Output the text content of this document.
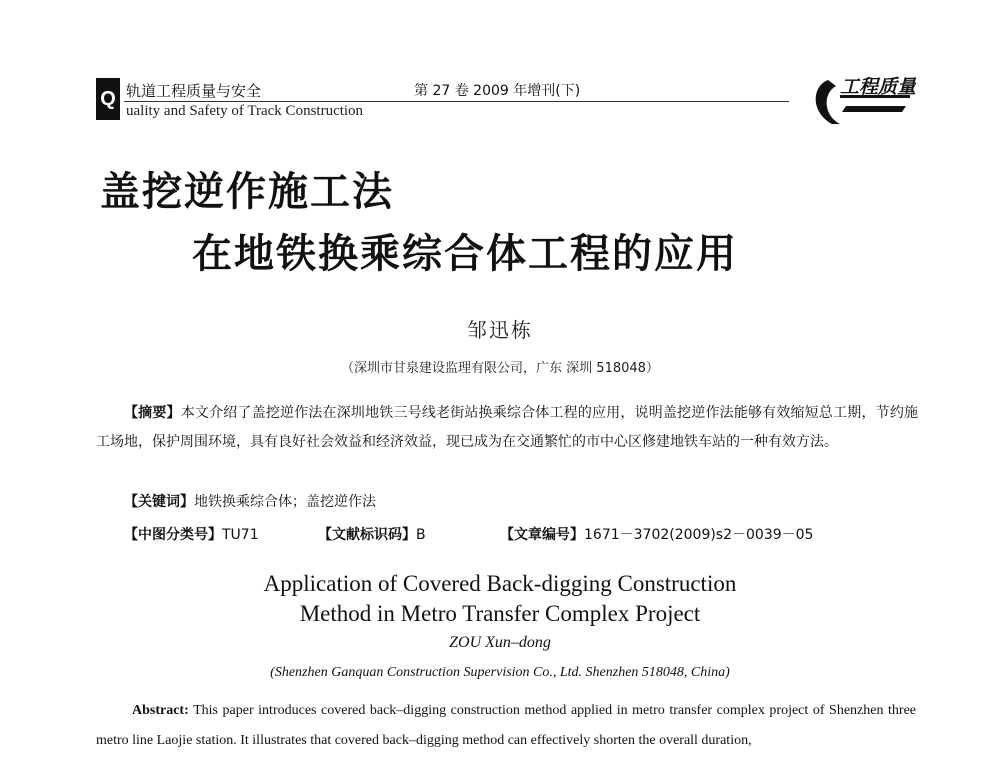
Q 轨道工程质量与安全
uality and Safety of Track Construction
第 27 卷 2009 年增刊(下)	工程质量
盖挖逆作施工法
在地铁换乘综合体工程的应用
邹迅栋
（深圳市甘泉建设监理有限公司，广东 深圳 518048）
【摘要】本文介绍了盖挖逆作法在深圳地铁三号线老街站换乘综合体工程的应用，说明盖挖逆作法能够有效缩短总工期，节约施工场地，保护周围环境，具有良好社会效益和经济效益，现已成为在交通繁忙的市中心区修建地铁车站的一种有效方法。
【关键词】地铁换乘综合体；盖挖逆作法
【中图分类号】TU71	【文献标识码】B	【文章编号】1671－3702(2009)s2－0039－05
Application of Covered Back-digging Construction
Method in Metro Transfer Complex Project
ZOU Xun–dong
(Shenzhen Ganquan Construction Supervision Co., Ltd. Shenzhen 518048, China)
Abstract: This paper introduces covered back–digging construction method applied in metro transfer complex project of Shenzhen three metro line Laojie station. It illustrates that covered back–digging method can effectively shorten the overall duration,
